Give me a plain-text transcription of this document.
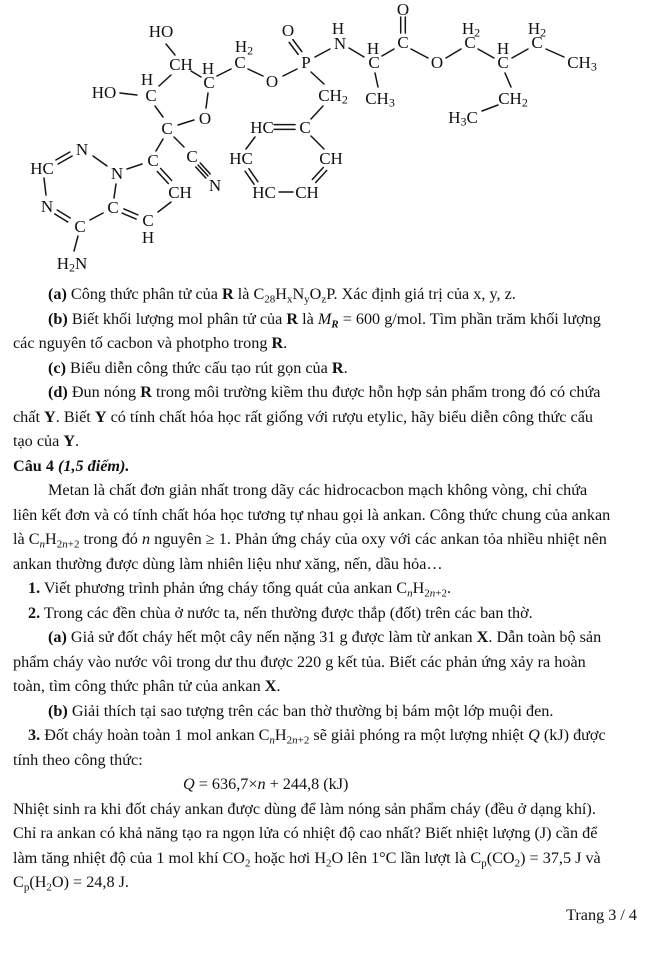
HO
CH
H
C
HO
H
C
$H_2$
C
O
O
P
O
C
N
HC
N
C
$H_2N$
C
N
C
CH
C
H
C
N
HC C
HC	CH
HC CH
$CH_2$
H
N H
C
$CH_3$
C
O
O
$H_2$
C H
C
$H_2$
C
$CH_3$
$CH_2$
$H_3C$
(a) Công thức phân tử của R là $C_{28}H_xN_yO_zP$. Xác định giá trị của x, y, z.
(b) Biết khối lượng mol phân tử của R là $M_R = 600$ g/mol. Tìm phần trăm khối lượng
các nguyên tố cacbon và photpho trong R.
(c) Biểu diễn công thức cấu tạo rút gọn của R.
(d) Đun nóng R trong môi trường kiềm thu được hỗn hợp sản phẩm trong đó có chứa
chất Y. Biết Y có tính chất hóa học rất giống với rượu etylic, hãy biểu diễn công thức cấu
tạo của Y.
Câu 4 (1,5 điểm).
Metan là chất đơn giản nhất trong dãy các hidrocacbon mạch không vòng, chỉ chứa
liên kết đơn và có tính chất hóa học tương tự nhau gọi là ankan. Công thức chung của ankan
là $C_nH_{2n+2}$ trong đó n nguyên ≥ 1. Phản ứng cháy của oxy với các ankan tỏa nhiều nhiệt nên
ankan thường được dùng làm nhiên liệu như xăng, nến, dầu hỏa…
1. Viết phương trình phản ứng cháy tổng quát của ankan $C_nH_{2n+2}$.
2. Trong các đền chùa ở nước ta, nến thường được thắp (đốt) trên các ban thờ.
(a) Giả sử đốt cháy hết một cây nến nặng 31 g được làm từ ankan X. Dẫn toàn bộ sản
phẩm cháy vào nước vôi trong dư thu được 220 g kết tủa. Biết các phản ứng xảy ra hoàn
toàn, tìm công thức phân tử của ankan X.
(b) Giải thích tại sao tượng trên các ban thờ thường bị bám một lớp muội đen.
3. Đốt cháy hoàn toàn 1 mol ankan $C_nH_{2n+2}$ sẽ giải phóng ra một lượng nhiệt Q (kJ) được
tính theo công thức:
Q = 636,7×n + 244,8 (kJ)
Nhiệt sinh ra khi đốt cháy ankan được dùng để làm nóng sản phẩm cháy (đều ở dạng khí).
Chỉ ra ankan có khả năng tạo ra ngọn lửa có nhiệt độ cao nhất? Biết nhiệt lượng (J) cần để
làm tăng nhiệt độ của 1 mol khí $CO_2$ hoặc hơi $H_2O$ lên 1°C lần lượt là $C_p(CO_2) = 37,5$ J và
$C_p(H_2O) = 24,8$ J.
Trang 3 / 4
